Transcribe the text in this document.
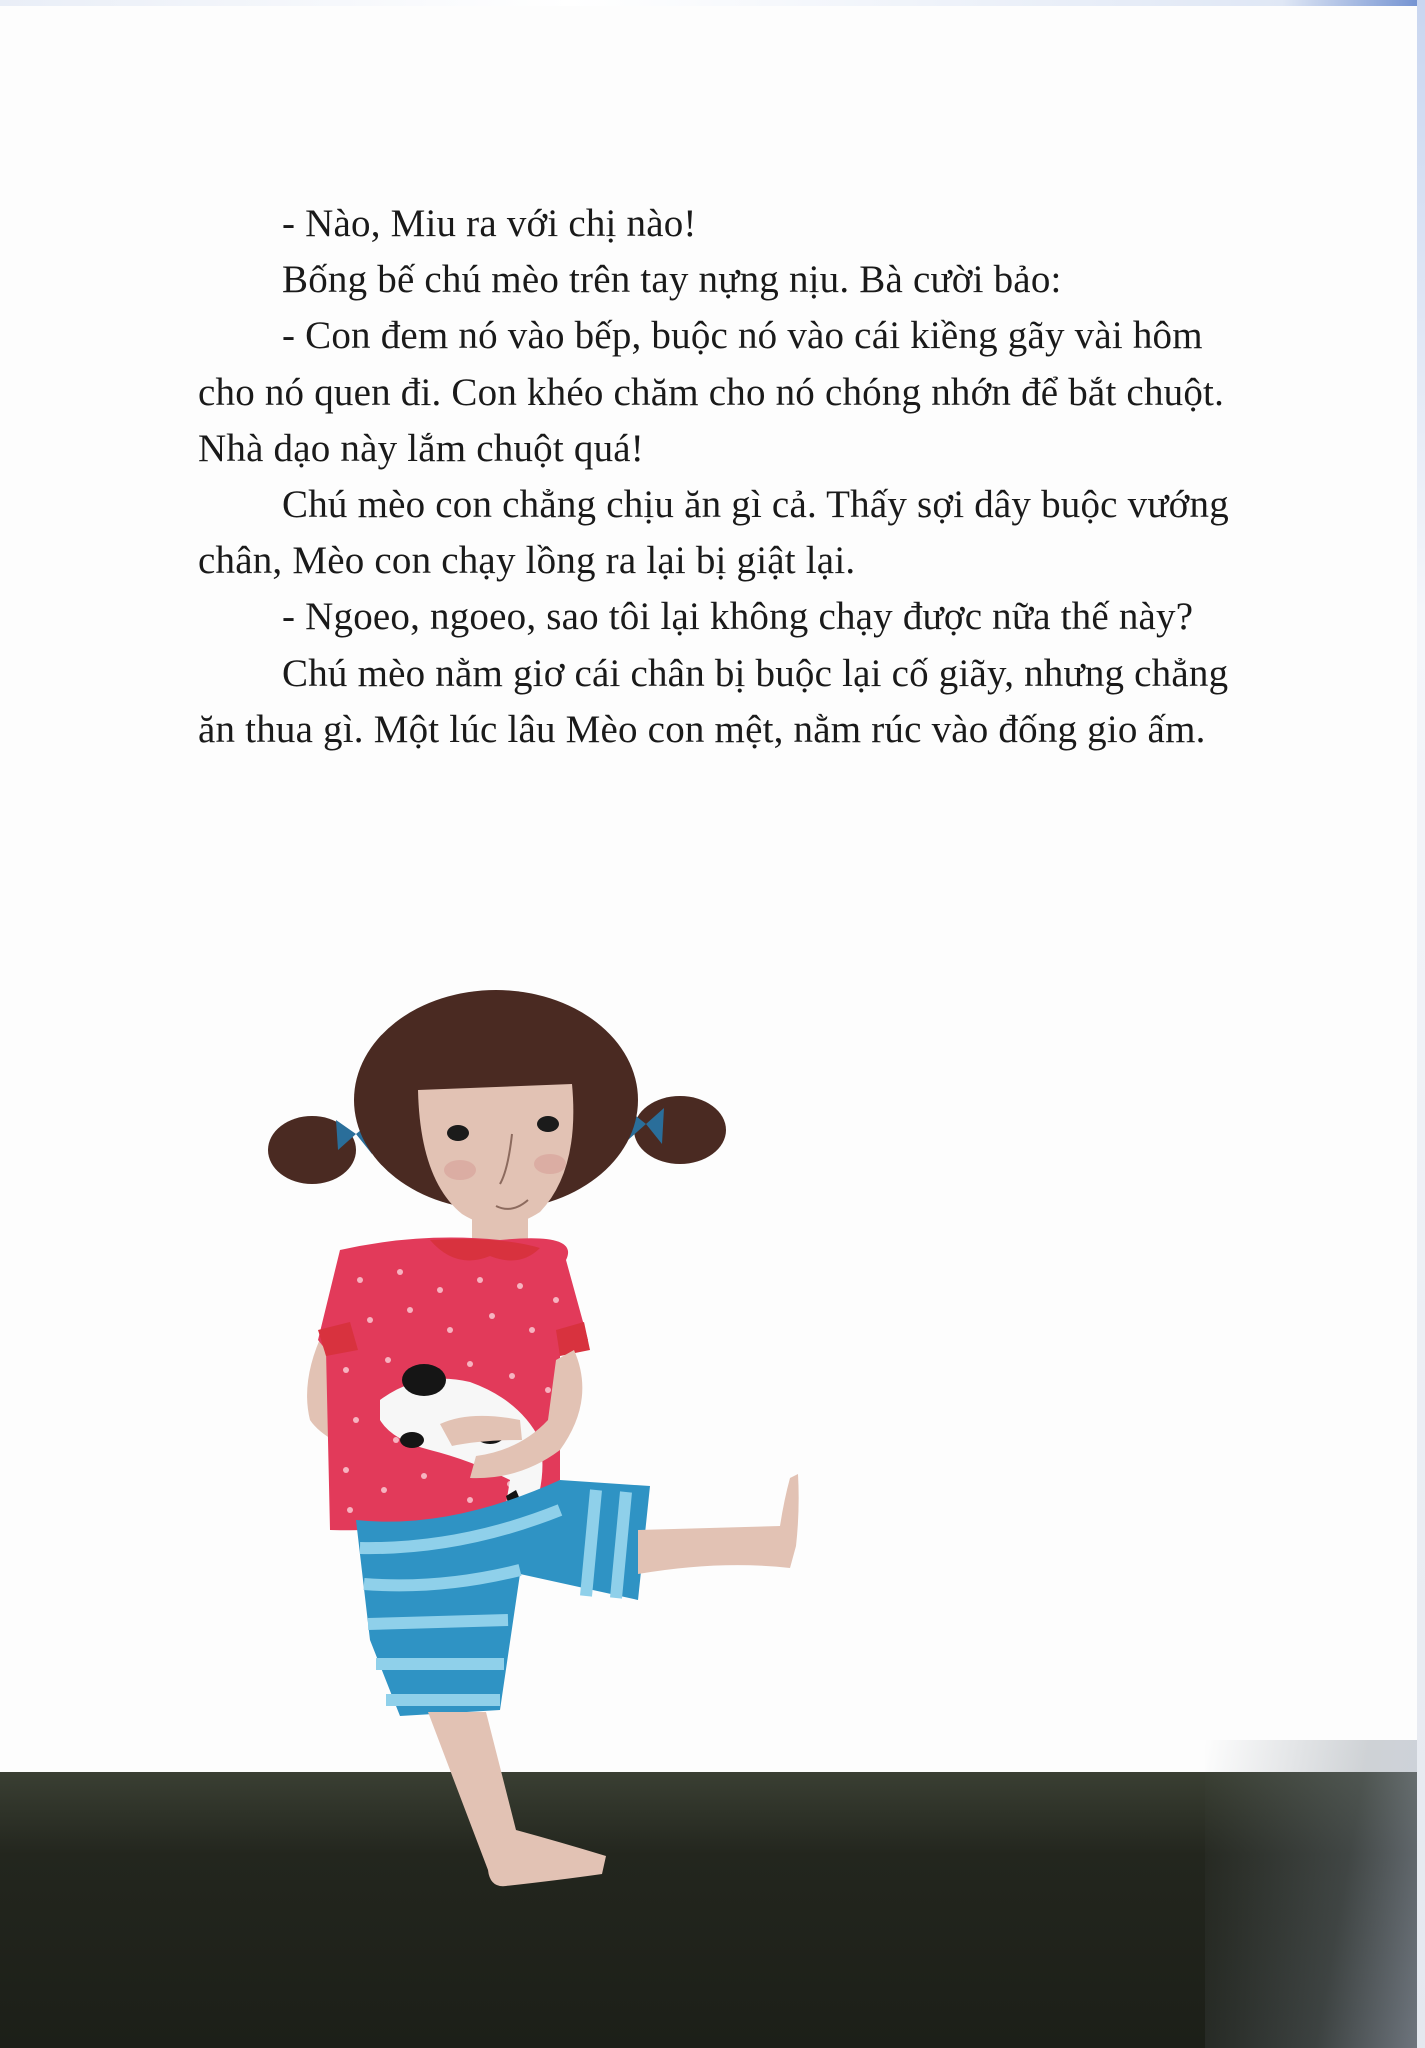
- Nào, Miu ra với chị nào!

Bống bế chú mèo trên tay nựng nịu. Bà cười bảo:

- Con đem nó vào bếp, buộc nó vào cái kiềng gãy vài hôm cho nó quen đi. Con khéo chăm cho nó chóng nhớn để bắt chuột. Nhà dạo này lắm chuột quá!

Chú mèo con chẳng chịu ăn gì cả. Thấy sợi dây buộc vướng chân, Mèo con chạy lồng ra lại bị giật lại.

- Ngoeo, ngoeo, sao tôi lại không chạy được nữa thế này?

Chú mèo nằm giơ cái chân bị buộc lại cố giãy, nhưng chẳng ăn thua gì. Một lúc lâu Mèo con mệt, nằm rúc vào đống gio ấm.
